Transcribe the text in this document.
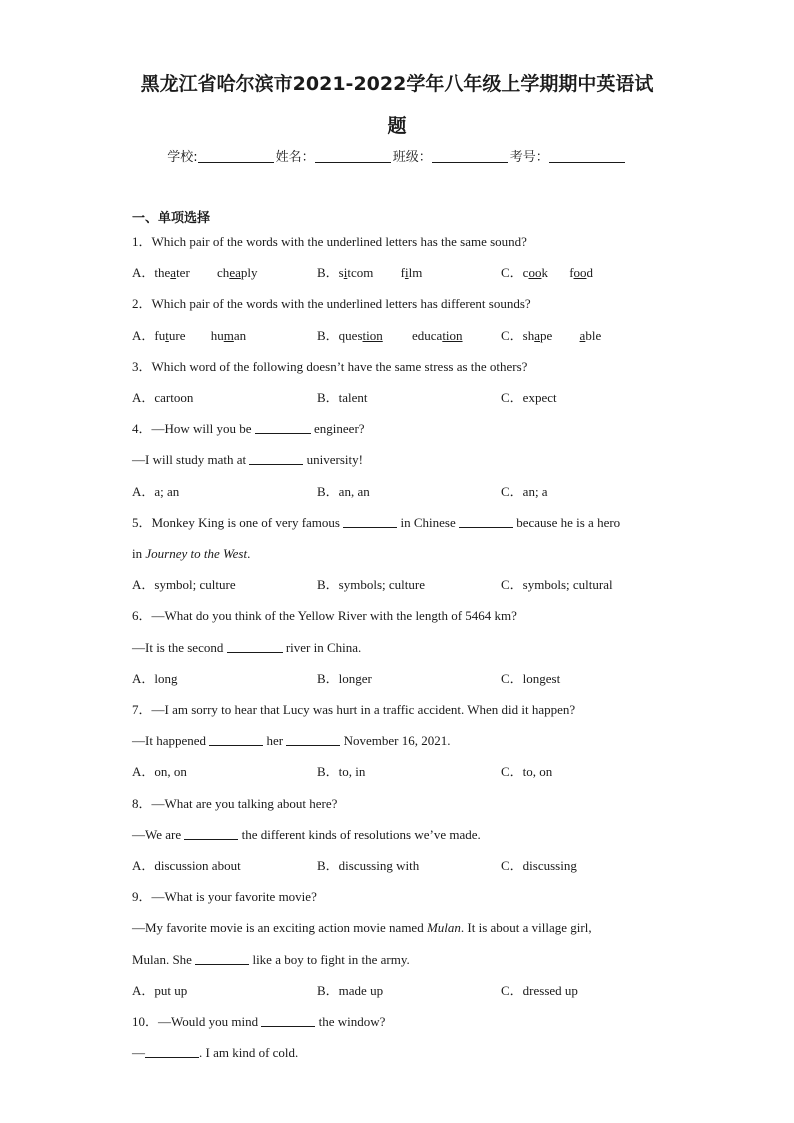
黑龙江省哈尔滨市2021-2022学年八年级上学期期中英语试
题
学校:	姓名：	班级：	考号：
一、单项选择
1．Which pair of the words with the underlined letters has the same sound?
A．theater cheaply	B．sitcom film	C．cook food
2．Which pair of the words with the underlined letters has different sounds?
A．future human	B．question education	C．shape able
3．Which word of the following doesn’t have the same stress as the others?
A．cartoon	B．talent	C．expect
4．—How will you be	engineer?
—I will study math at	university!
A．a; an	B．an, an	C．an; a
5．Monkey King is one of very famous	in Chinese	because he is a hero
in Journey to the West.
A．symbol; culture	B．symbols; culture	C．symbols; cultural
6．—What do you think of the Yellow River with the length of 5464 km?
—It is the second	river in China.
A．long	B．longer	C．longest
7．—I am sorry to hear that Lucy was hurt in a traffic accident. When did it happen?
—It happened	her	November 16, 2021.
A．on, on	B．to, in	C．to, on
8．—What are you talking about here?
—We are	the different kinds of resolutions we’ve made.
A．discussion about	B．discussing with	C．discussing
9．—What is your favorite movie?
—My favorite movie is an exciting action movie named Mulan. It is about a village girl,
Mulan. She	like a boy to fight in the army.
A．put up	B．made up	C．dressed up
10．—Would you mind	the window?
—	. I am kind of cold.
